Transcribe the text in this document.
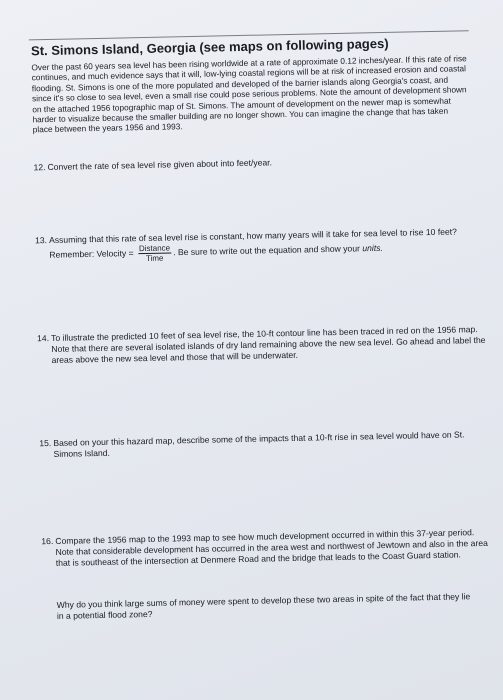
St. Simons Island, Georgia (see maps on following pages)

Over the past 60 years sea level has been rising worldwide at a rate of approximate 0.12 inches/year. If this rate of rise continues, and much evidence says that it will, low-lying coastal regions will be at risk of increased erosion and coastal flooding. St. Simons is one of the more populated and developed of the barrier islands along Georgia's coast, and since it's so close to sea level, even a small rise could pose serious problems. Note the amount of development shown on the attached 1956 topographic map of St. Simons. The amount of development on the newer map is somewhat harder to visualize because the smaller building are no longer shown. You can imagine the change that has taken place between the years 1956 and 1993.

12. Convert the rate of sea level rise given about into feet/year.

13. Assuming that this rate of sea level rise is constant, how many years will it take for sea level to rise 10 feet? Remember: Velocity = $\frac{\text{Distance}}{\text{Time}}$ . Be sure to write out the equation and show your units.

14. To illustrate the predicted 10 feet of sea level rise, the 10-ft contour line has been traced in red on the 1956 map. Note that there are several isolated islands of dry land remaining above the new sea level. Go ahead and label the areas above the new sea level and those that will be underwater.

15. Based on your this hazard map, describe some of the impacts that a 10-ft rise in sea level would have on St. Simons Island.

16. Compare the 1956 map to the 1993 map to see how much development occurred in within this 37-year period. Note that considerable development has occurred in the area west and northwest of Jewtown and also in the area that is southeast of the intersection at Denmere Road and the bridge that leads to the Coast Guard station.

Why do you think large sums of money were spent to develop these two areas in spite of the fact that they lie in a potential flood zone?
